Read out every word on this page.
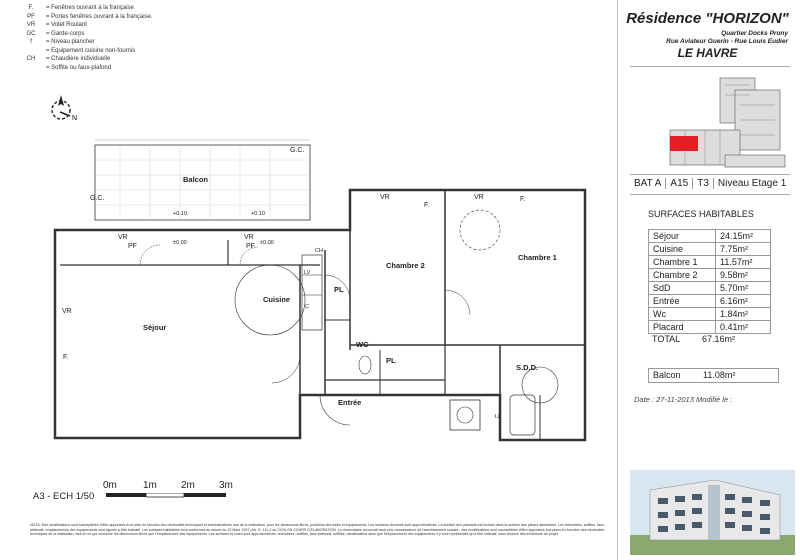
F.	= Fenêtres ouvrant à la française
PF	= Portes fenêtres ouvrant à la française.
VR	= Volet Roulant
GC	= Garde-corps
†	= Niveau plancher
= Equipement cuisine non-fournis
CH	= Chaudière individuelle
= Soffite ou faux-plafond
N
Balcon
G.C.
G.C.
Séjour
Cuisine
Chambre 2
Chambre 1
WC
S.D.D.
Entrée
PL
PL
VR	VR
VR	VR
VR
PF	PF
F.
F.
F.
LV
C
CH
LL
+0.10	+0.10
±0.00	±0.00
Résidence "HORIZON"
Quartier Docks Prony
Rue Aviateur Guerin - Rue Louis Eudier
LE HAVRE
BAT A A15 T3 Niveau Etage 1
SURFACES HABITABLES
Séjour	24.15m²
Cuisine	7.75m²
Chambre 1	11.57m²
Chambre 2	9.58m²
SdD	5.70m²
Entrée	6.16m²
Wc	1.84m²
Placard	0.41m²
TOTAL 67.16m²
Balcon 11.08m²
Date : 27-11-2013 Modifié le :
0m	1m 2m 3m
A3 - ECH 1/50
NOTA: Des modifications sont susceptibles d'être apportées à ce plan en fonction des nécessités techniques et administratives lors de la réalisation, pour les dimensions libres, positions des baies et équipements. Les surfaces données sont approximatives. La surface des placards est incluse dans la surface des pièces attenantes. Les retombées, soffites, faux-plafonds, emplacements des équipements sont figurés à titre indicatif. Les surfaces habitables sont conformes au décret du 23 Mars 1997 (Art. R. 111-2 du CCH) EN COURS D'ELABORATION. Le réservataire reconnait avoir pris connaissance de l'avertissement suivant : des modifications sont susceptibles d'être apportées aux plans en fonction des nécessités techniques de la réalisation, tant en ce qui concerne les dimensions libres que l'emplacement des équipements. Les surfaces et cotes sont approximatives, retombées, soffites, faux plafonds, soffites, canalisations ainsi que l'emplacement des équipements n'y sont représentés qu'à titre indicatif, sous réserve des évolutions du projet.
